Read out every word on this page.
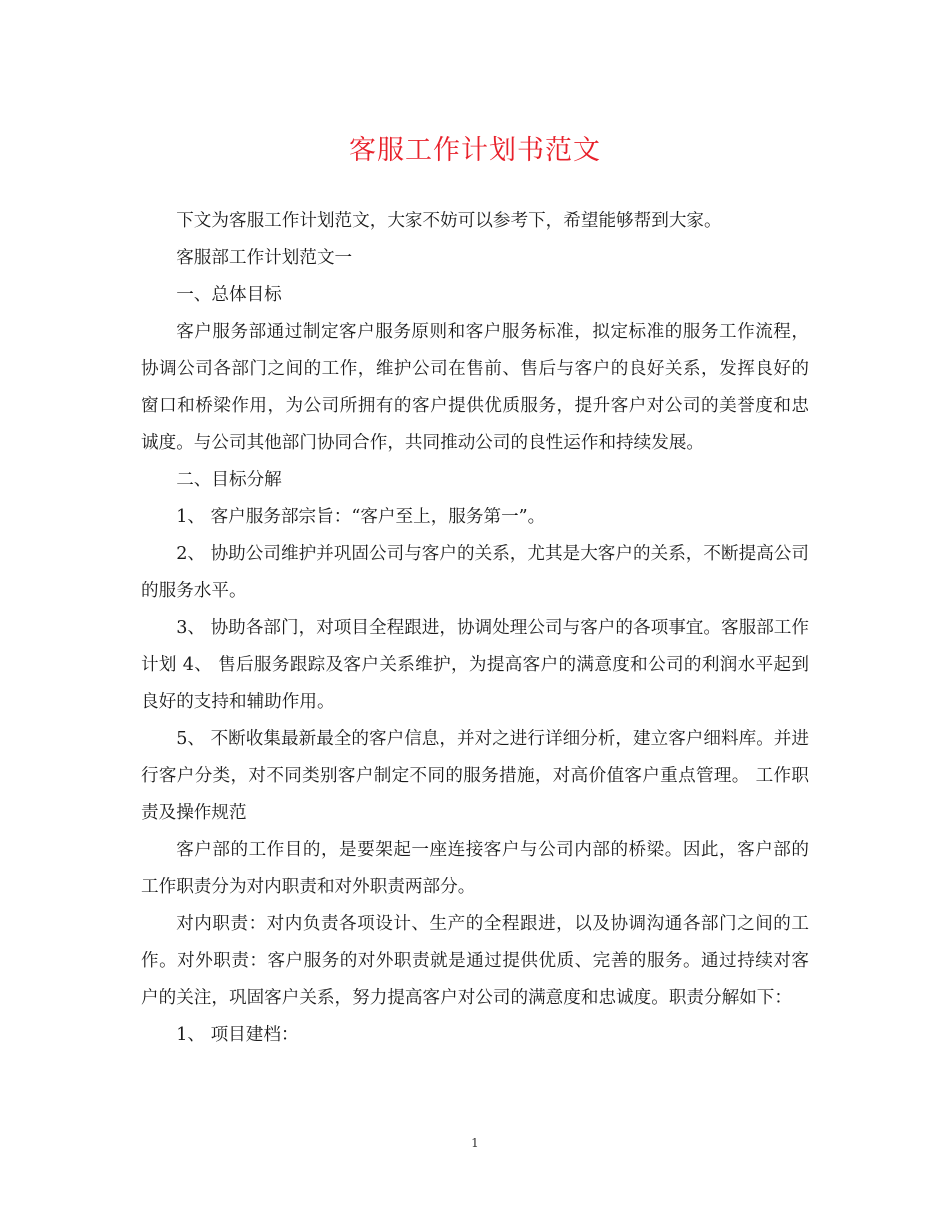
客服工作计划书范文

下文为客服工作计划范文，大家不妨可以参考下，希望能够帮到大家。

客服部工作计划范文一

一、总体目标

客户服务部通过制定客户服务原则和客户服务标准，拟定标准的服务工作流程，协调公司各部门之间的工作，维护公司在售前、售后与客户的良好关系，发挥良好的窗口和桥梁作用，为公司所拥有的客户提供优质服务，提升客户对公司的美誉度和忠诚度。与公司其他部门协同合作，共同推动公司的良性运作和持续发展。

二、目标分解

1、 客户服务部宗旨：“客户至上，服务第一”。

2、 协助公司维护并巩固公司与客户的关系，尤其是大客户的关系，不断提高公司的服务水平。

3、 协助各部门，对项目全程跟进，协调处理公司与客户的各项事宜。客服部工作计划 4、 售后服务跟踪及客户关系维护，为提高客户的满意度和公司的利润水平起到良好的支持和辅助作用。

5、 不断收集最新最全的客户信息，并对之进行详细分析，建立客户细料库。并进行客户分类，对不同类别客户制定不同的服务措施，对高价值客户重点管理。 工作职责及操作规范

客户部的工作目的，是要架起一座连接客户与公司内部的桥梁。因此，客户部的工作职责分为对内职责和对外职责两部分。

对内职责：对内负责各项设计、生产的全程跟进，以及协调沟通各部门之间的工作。对外职责：客户服务的对外职责就是通过提供优质、完善的服务。通过持续对客户的关注，巩固客户关系，努力提高客户对公司的满意度和忠诚度。职责分解如下：

1、 项目建档：

1
